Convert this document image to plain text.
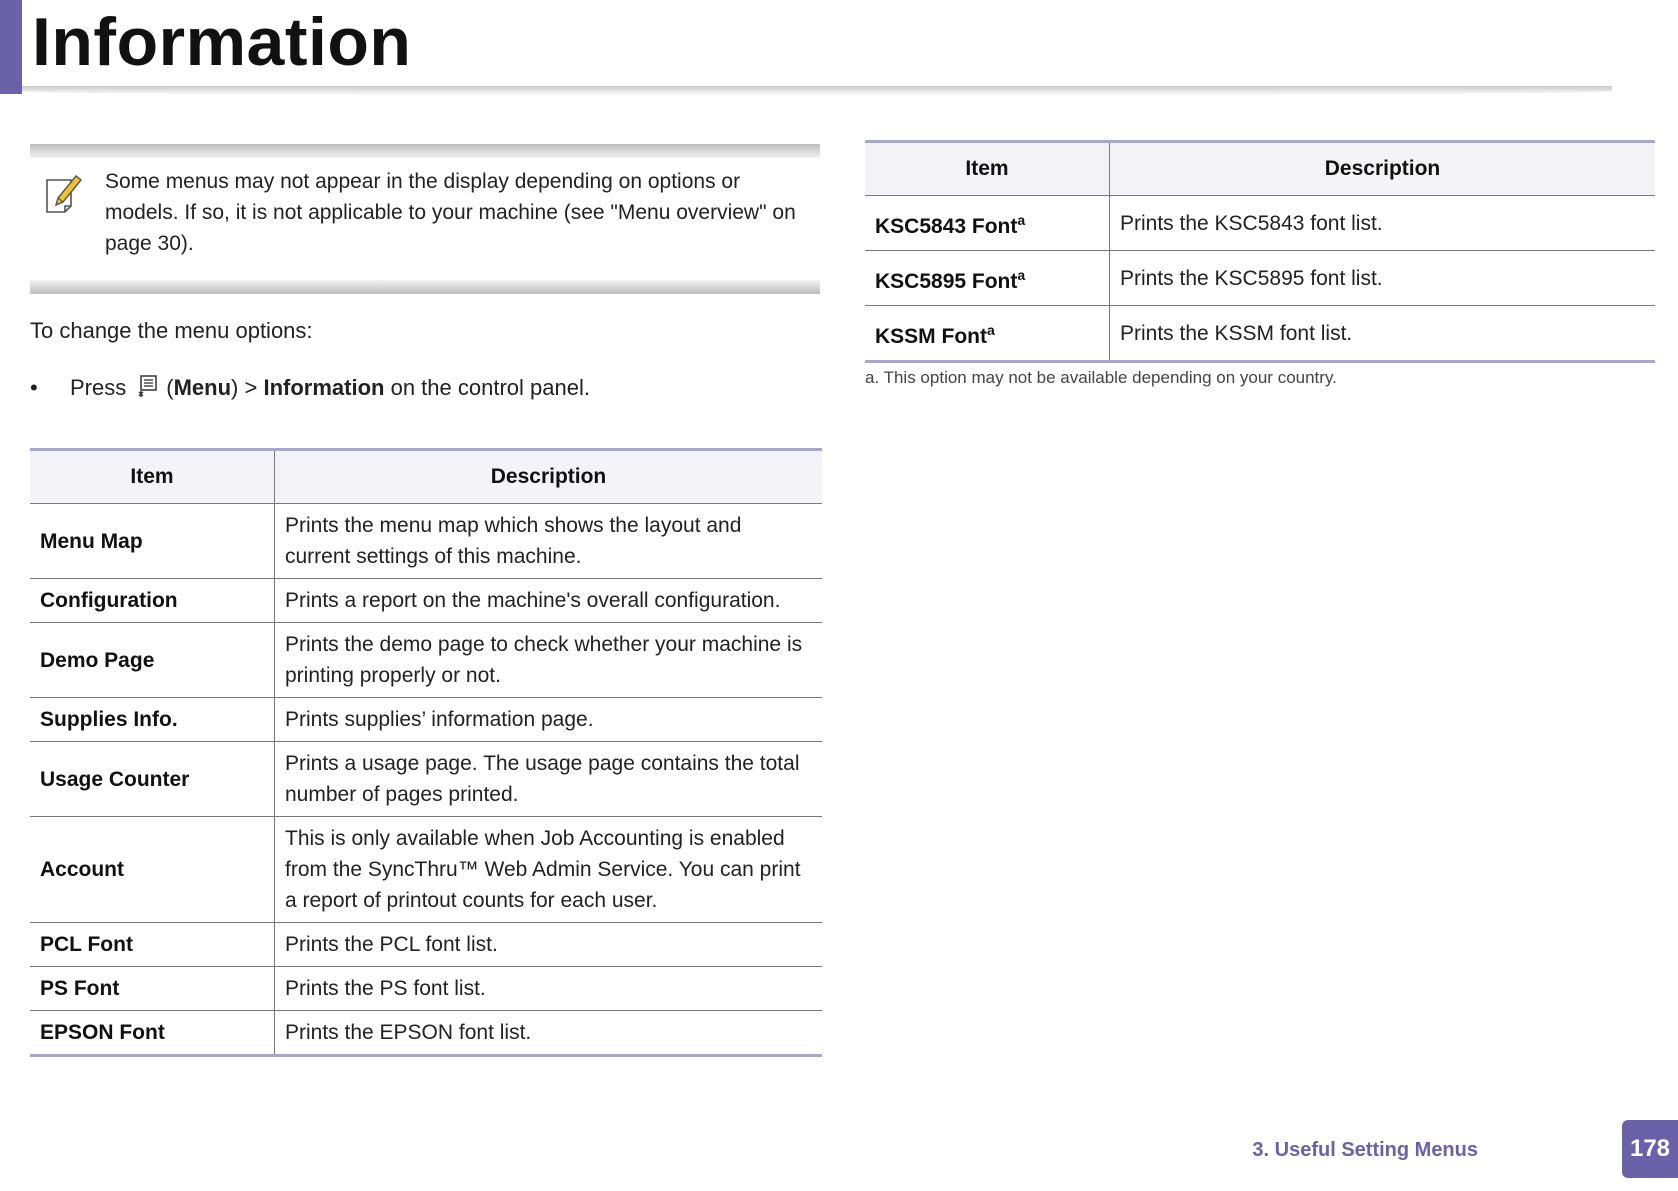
Information

Some menus may not appear in the display depending on options or models. If so, it is not applicable to your machine (see "Menu overview" on page 30).

To change the menu options:

•	Press ( Menu ) >
Information
on the control panel.

Item	Description
Menu Map	Prints the menu map which shows the layout and current settings of this machine.
Configuration	Prints a report on the machine's overall configuration.
Demo Page	Prints the demo page to check whether your machine is printing properly or not.
Supplies Info.	Prints supplies’ information page.
Usage Counter	Prints a usage page. The usage page contains the total number of pages printed.
Account	This is only available when Job Accounting is enabled from the SyncThru™ Web Admin Service. You can print a report of printout counts for each user.
PCL Font	Prints the PCL font list.
PS Font	Prints the PS font list.
EPSON Font	Prints the EPSON font list.
Item	Description
KSC5843 Font$^a$	Prints the KSC5843 font list.
KSC5895 Font$^a$	Prints the KSC5895 font list.
KSSM Font$^a$	Prints the KSSM font list.

a. This option may not be available depending on your country.

3. Useful Setting Menus	178
